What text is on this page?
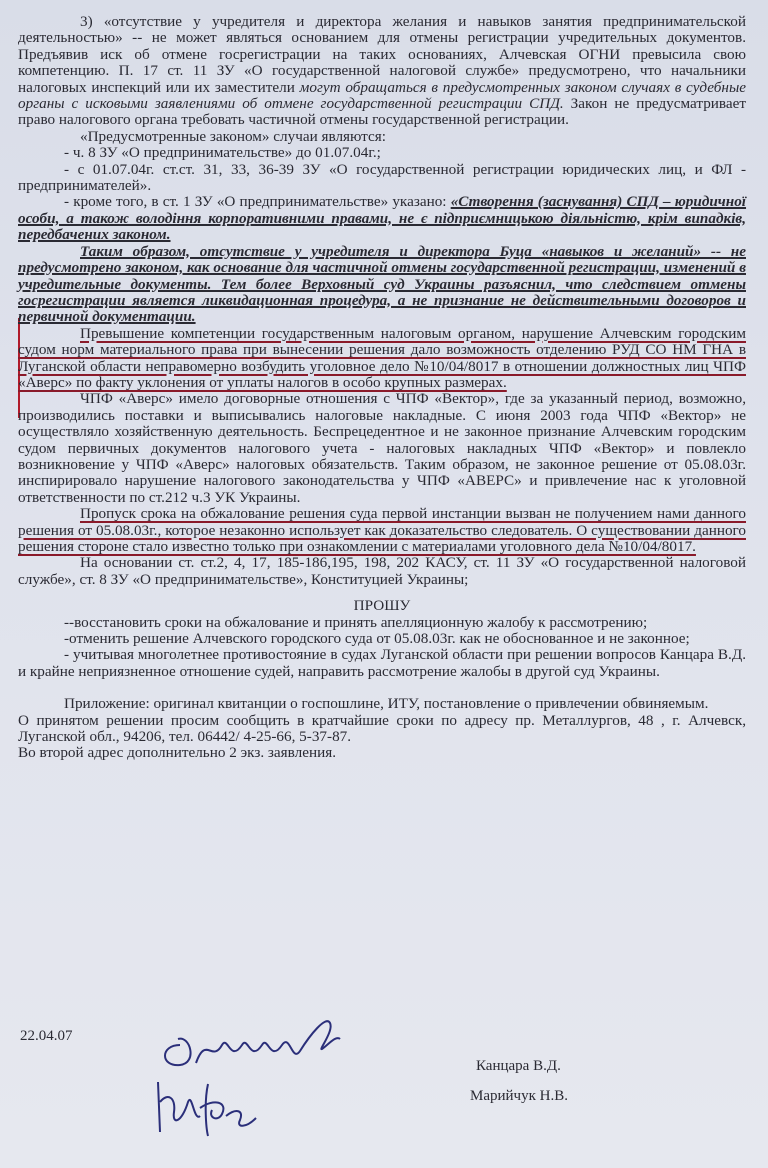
3) «отсутствие у учредителя и директора желания и навыков занятия предпринимательской деятельностью» -- не может являться основанием для отмены регистрации учредительных документов. Предъявив иск об отмене госрегистрации на таких основаниях, Алчевская ОГНИ превысила свою компетенцию. П. 17 ст. 11 ЗУ «О государственной налоговой службе» предусмотрено, что начальники налоговых инспекций или их заместители могут обращаться в предусмотренных законом случаях в судебные органы с исковыми заявлениями об отмене государственной регистрации СПД. Закон не предусматривает право налогового органа требовать частичной отмены государственной регистрации.

«Предусмотренные законом» случаи являются:

- ч. 8 ЗУ «О предпринимательстве» до 01.07.04г.;

- с 01.07.04г. ст.ст. 31, 33, 36-39 ЗУ «О государственной регистрации юридических лиц, и ФЛ - предпринимателей».

- кроме того, в ст. 1 ЗУ «О предпринимательстве» указано: «Створення (заснування) СПД – юридичної особи, а також володіння корпоративними правами, не є підприємницькою діяльністю, крім випадків, передбачених законом.

Таким образом, отсутствие у учредителя и директора Буца «навыков и желаний» -- не предусмотрено законом, как основание для частичной отмены государственной регистрации, изменений в учредительные документы. Тем более Верховный суд Украины разъяснил, что следствием отмены госрегистрации является ликвидационная процедура, а не признание не действительными договоров и первичной документации.

Превышение компетенции государственным налоговым органом, нарушение Алчевским городским судом норм материального права при вынесении решения дало возможность отделению РУД СО НМ ГНА в Луганской области неправомерно возбудить уголовное дело №10/04/8017 в отношении должностных лиц ЧПФ «Аверс» по факту уклонения от уплаты налогов в особо крупных размерах.

ЧПФ «Аверс» имело договорные отношения с ЧПФ «Вектор», где за указанный период, возможно, производились поставки и выписывались налоговые накладные. С июня 2003 года ЧПФ «Вектор» не осуществляло хозяйственную деятельность. Беспрецедентное и не законное признание Алчевским городским судом первичных документов налогового учета - налоговых накладных ЧПФ «Вектор» и повлекло возникновение у ЧПФ «Аверс» налоговых обязательств. Таким образом, не законное решение от 05.08.03г. инспирировало нарушение налогового законодательства у ЧПФ «АВЕРС» и привлечение нас к уголовной ответственности по ст.212 ч.3 УК Украины.

Пропуск срока на обжалование решения суда первой инстанции вызван не получением нами данного решения от 05.08.03г., которое незаконно использует как доказательство следователь. О существовании данного решения стороне стало известно только при ознакомлении с материалами уголовного дела №10/04/8017.

На основании ст. ст.2, 4, 17, 185-186,195, 198, 202 КАСУ, ст. 11 ЗУ «О государственной налоговой службе», ст. 8 ЗУ «О предпринимательстве», Конституцией Украины;

ПРОШУ

--восстановить сроки на обжалование и принять апелляционную жалобу к рассмотрению;

-отменить решение Алчевского городского суда от 05.08.03г. как не обоснованное и не законное;

- учитывая многолетнее противостояние в судах Луганской области при решении вопросов Канцара В.Д. и крайне неприязненное отношение судей, направить рассмотрение жалобы в другой суд Украины.

Приложение: оригинал квитанции о госпошлине, ИТУ, постановление о привлечении обвиняемым.

О принятом решении просим сообщить в кратчайшие сроки по адресу пр. Металлургов, 48 , г. Алчевск, Луганской обл., 94206, тел. 06442/ 4-25-66, 5-37-87.

Во второй адрес дополнительно 2 экз. заявления.

22.04.07
Канцара В.Д.
Марийчук Н.В.
